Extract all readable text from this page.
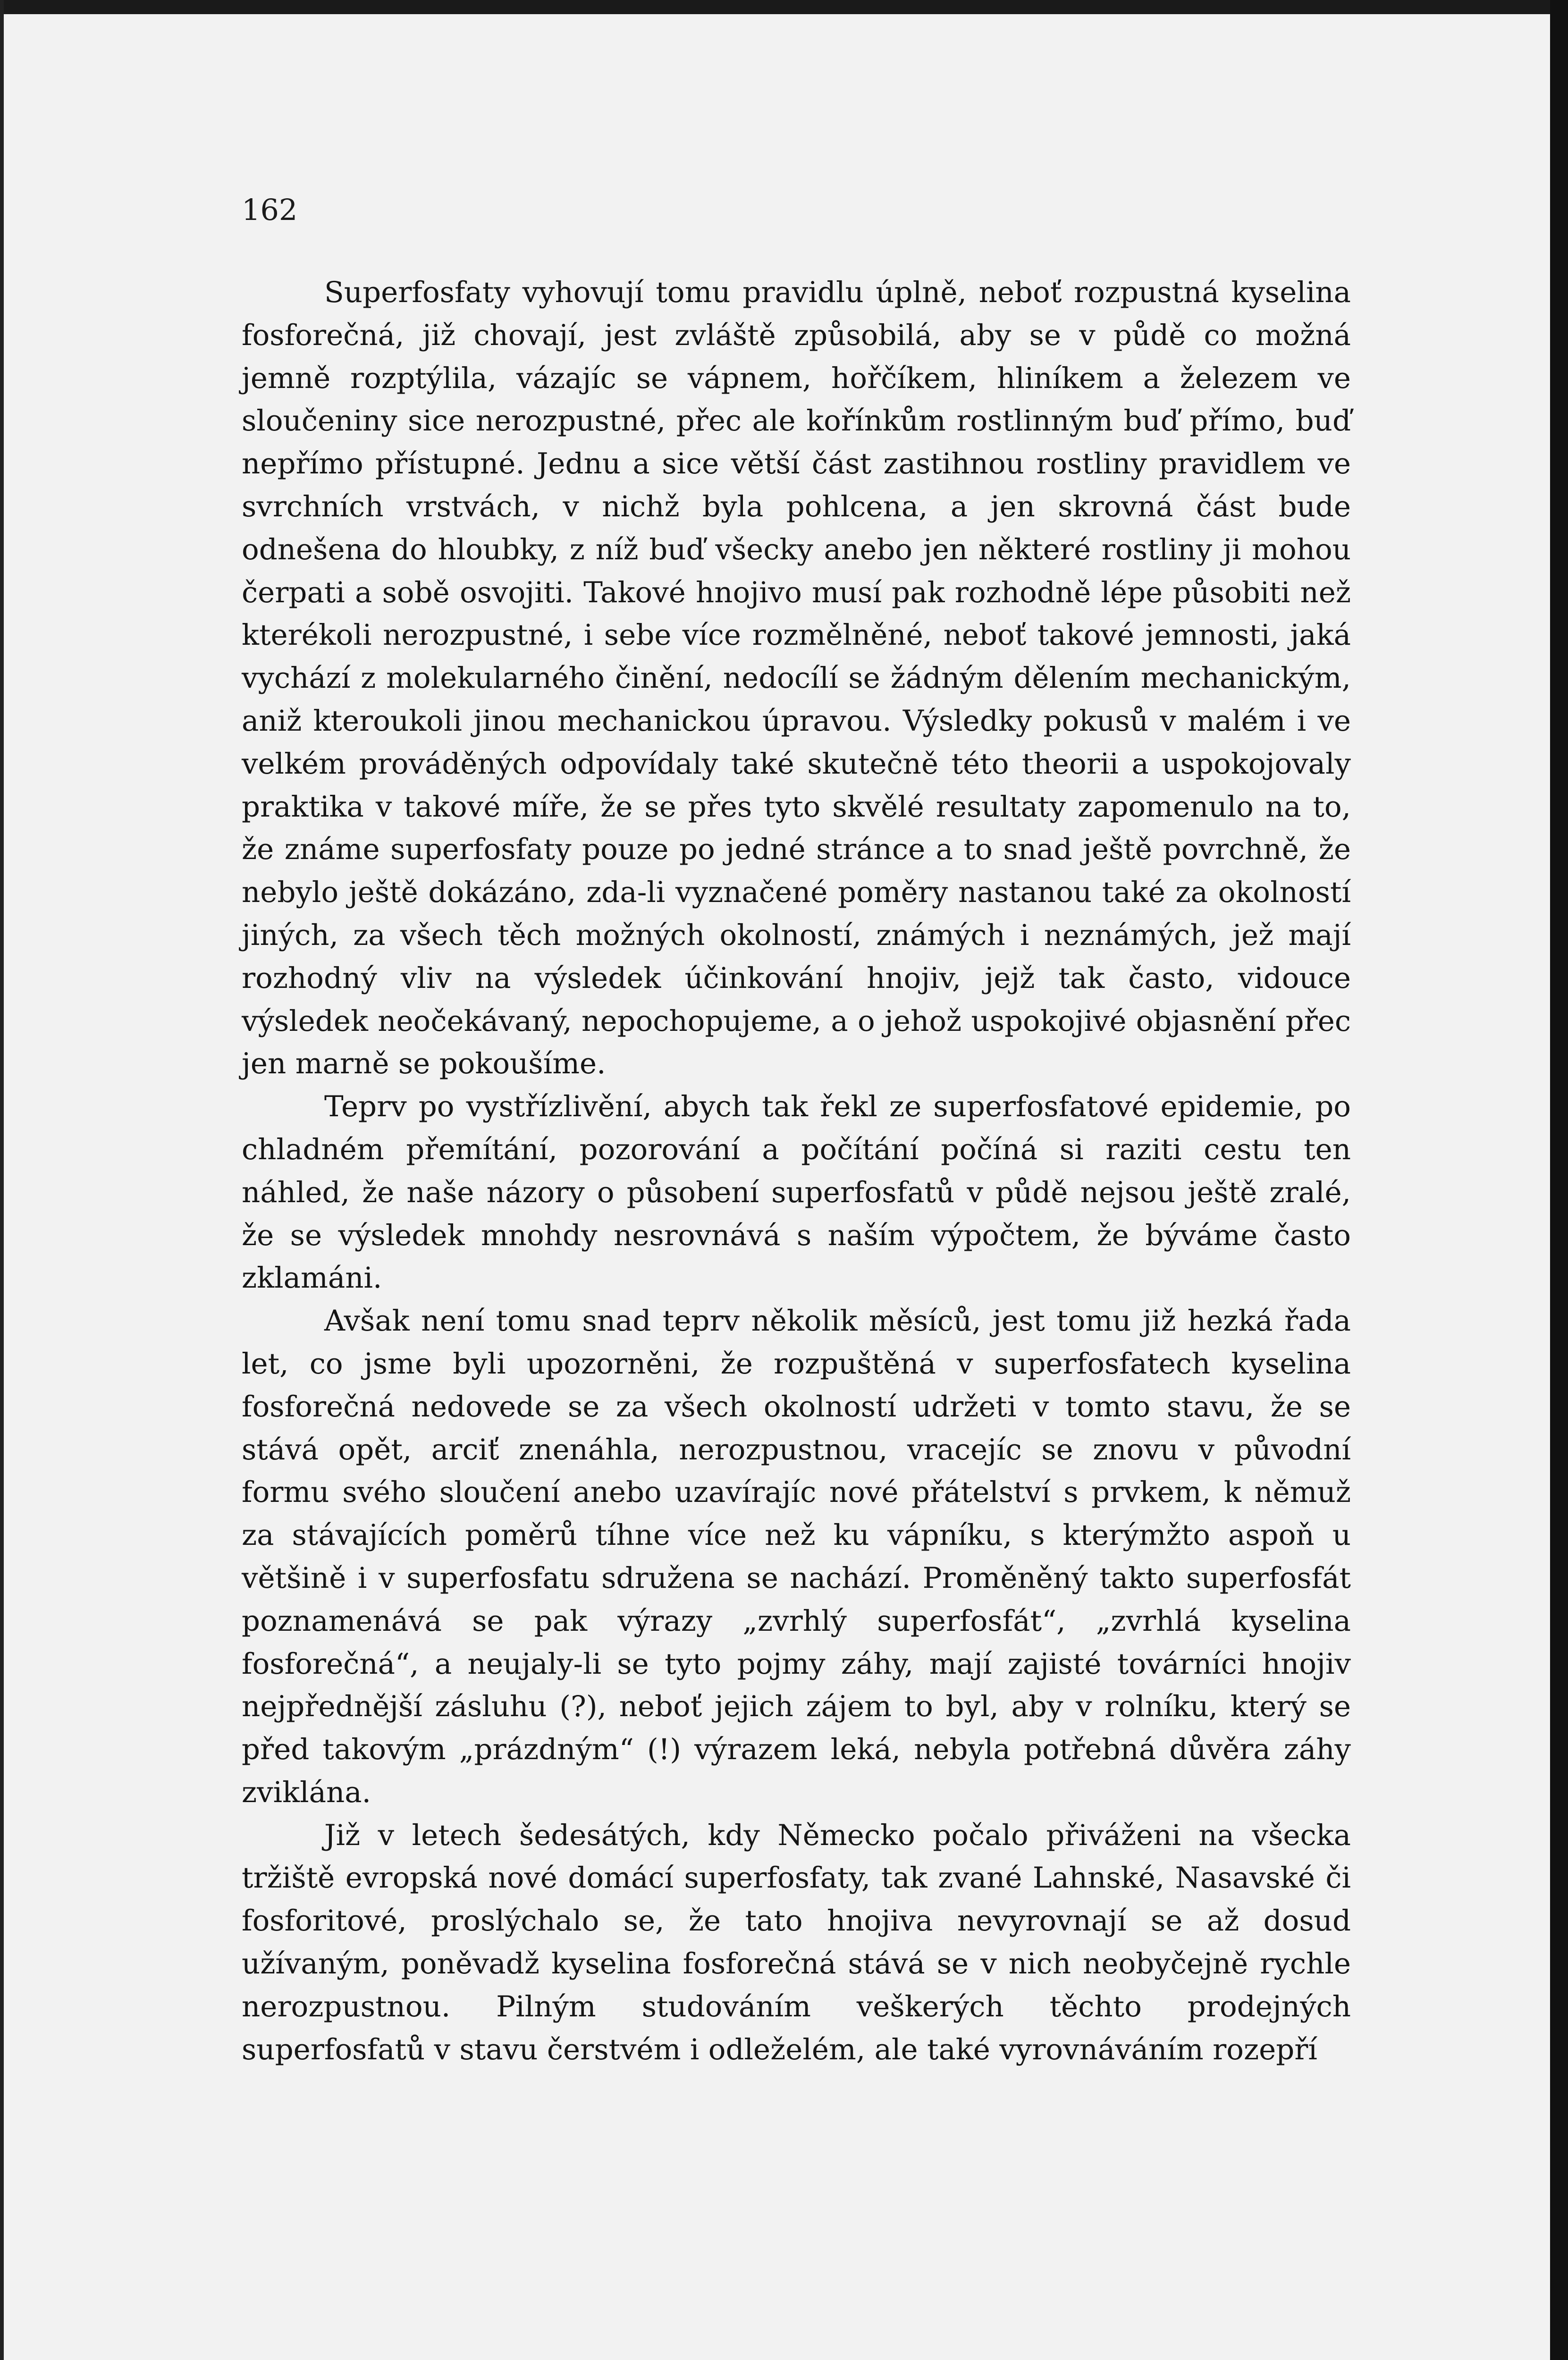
162

Superfosfaty vyhovují tomu pravidlu úplně, neboť rozpustná kyselina fosforečná, již chovají, jest zvláště způsobilá, aby se v půdě co možná jemně rozptýlila, vázajíc se vápnem, hořčíkem, hliníkem a železem ve sloučeniny sice nerozpustné, přec ale kořínkům rostlinným buď přímo, buď nepřímo přístupné. Jednu a sice větší část zastihnou rostliny pravidlem ve svrchních vrstvách, v nichž byla pohlcena, a jen skrovná část bude odnešena do hloubky, z níž buď všecky anebo jen některé rostliny ji mohou čerpati a sobě osvojiti. Takové hnojivo musí pak rozhodně lépe působiti než kterékoli nerozpustné, i sebe více rozmělněné, neboť takové jemnosti, jaká vychází z molekularného činění, nedocílí se žádným dělením mechanickým, aniž kteroukoli jinou mechanickou úpravou. Výsledky pokusů v malém i ve velkém prováděných odpovídaly také skutečně této theorii a uspokojovaly praktika v takové míře, že se přes tyto skvělé resultaty zapomenulo na to, že známe superfosfaty pouze po jedné stránce a to snad ještě povrchně, že nebylo ještě dokázáno, zda-li vyznačené poměry nastanou také za okolností jiných, za všech těch možných okolností, známých i neznámých, jež mají rozhodný vliv na výsledek účinkování hnojiv, jejž tak často, vidouce výsledek neočekávaný, nepochopujeme, a o jehož uspokojivé objasnění přec jen marně se pokoušíme.

Teprv po vystřízlivění, abych tak řekl ze superfosfatové epidemie, po chladném přemítání, pozorování a počítání počíná si raziti cestu ten náhled, že naše názory o působení superfosfatů v půdě nejsou ještě zralé, že se výsledek mnohdy nesrovnává s naším výpočtem, že býváme často zklamáni.

Avšak není tomu snad teprv několik měsíců, jest tomu již hezká řada let, co jsme byli upozorněni, že rozpuštěná v superfosfatech kyselina fosforečná nedovede se za všech okolností udržeti v tomto stavu, že se stává opět, arciť znenáhla, nerozpustnou, vracejíc se znovu v původní formu svého sloučení anebo uzavírajíc nové přátelství s prvkem, k němuž za stávajících poměrů tíhne více než ku vápníku, s kterýmžto aspoň u většině i v superfosfatu sdružena se nachází. Proměněný takto superfosfát poznamenává se pak výrazy „zvrhlý superfosfát“, „zvrhlá kyselina fosforečná“, a neujaly-li se tyto pojmy záhy, mají zajisté továrníci hnojiv nejpřednější zásluhu (?), neboť jejich zájem to byl, aby v rolníku, který se před takovým „prázdným“ (!) výrazem leká, nebyla potřebná důvěra záhy zviklána.

Již v letech šedesátých, kdy Německo počalo přiváženi na všecka tržiště evropská nové domácí superfosfaty, tak zvané Lahnské, Nasavské či fosforitové, proslýchalo se, že tato hnojiva nevyrovnají se až dosud užívaným, poněvadž kyselina fosforečná stává se v nich neobyčejně rychle nerozpustnou. Pilným studováním veškerých těchto prodejných superfosfatů v stavu čerstvém i odleželém, ale také vyrovnáváním rozepří
